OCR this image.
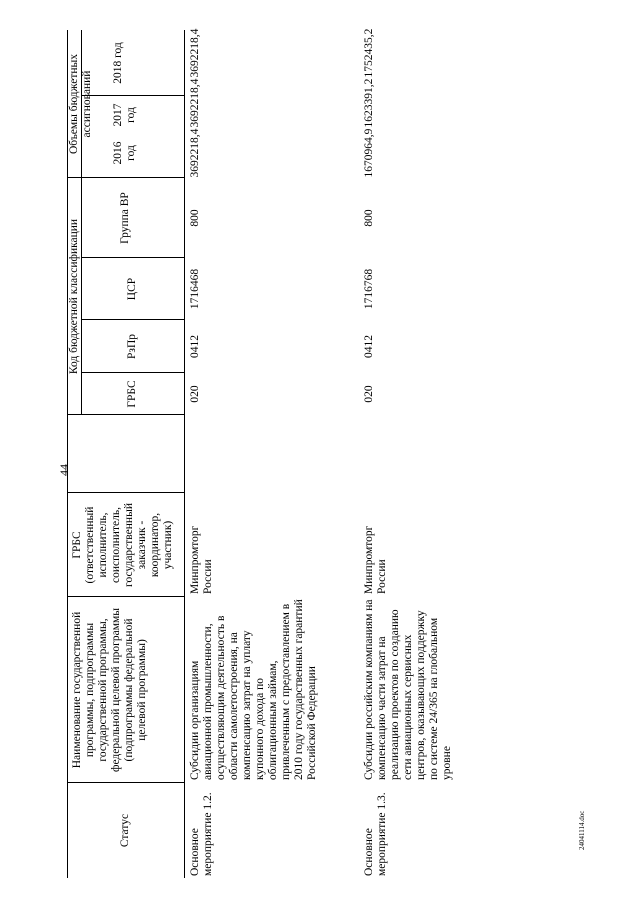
44
24041114.doc
Статус
Наименование государственной программы, подпрограммы государственной программы, федеральной целевой программы (подпрограммы федеральной целевой программы)
ГРБС (ответственный исполнитель, соисполнитель, государственный заказчик - координатор, участник)
Код бюджетной классификации
ГРБС
РзПр
ЦСР
Группа ВР
Объемы бюджетных ассигнований
2016 год
2017 год
2018 год
Основное мероприятие 1.2.
Субсидии организациям авиационной промышленности, осуществляющим деятельность в области самолетостроения, на компенсацию затрат на уплату купонного дохода по облигационным займам, привлеченным с предоставлением в 2010 году государственных гарантий Российской Федерации
Минпромторг России
020
0412
1716468
800
3692218,4
3692218,4
3692218,4
Основное мероприятие 1.3.
Субсидии российским компаниям на компенсацию части затрат на реализацию проектов по созданию сети авиационных сервисных центров, оказывающих поддержку по системе 24/365 на глобальном уровне
Минпромторг России
020
0412
1716768
800
1670964,9
1623391,2
1752435,2
